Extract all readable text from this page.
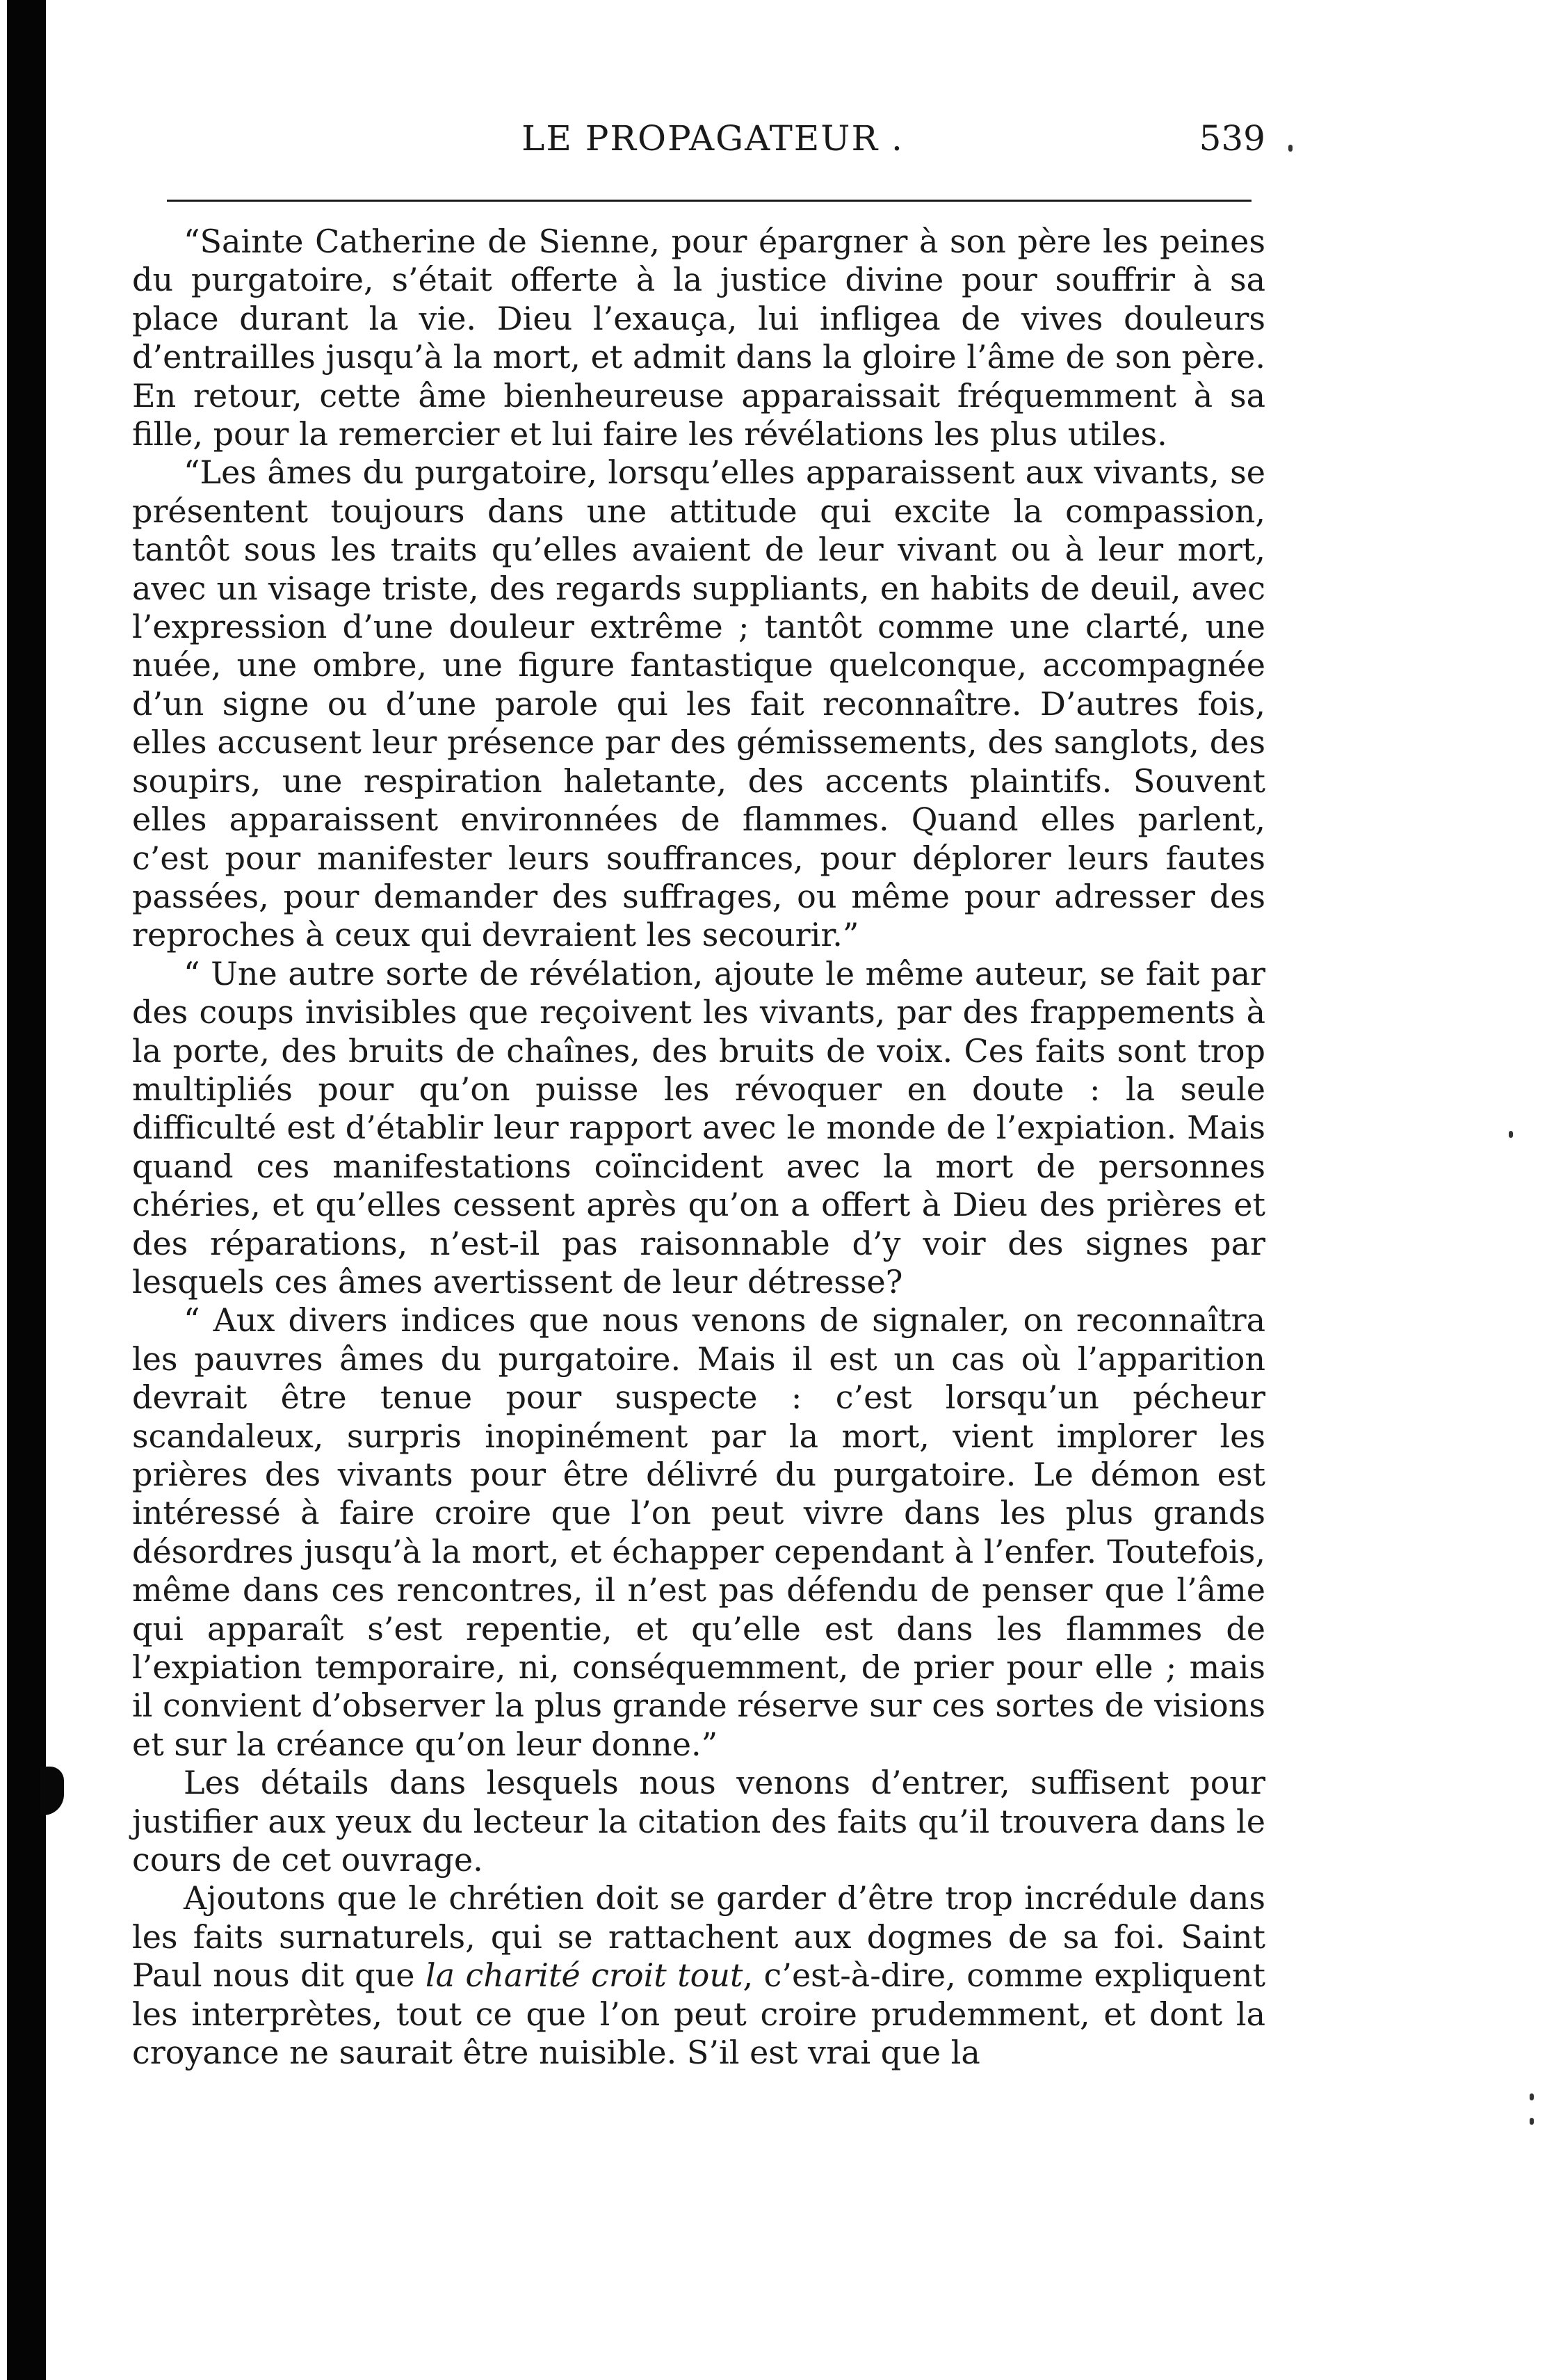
LE PROPAGATEUR .	539

“Sainte Catherine de Sienne, pour épargner à son père les peines du purgatoire, s’était offerte à la justice divine pour souffrir à sa place durant la vie. Dieu l’exauça, lui infligea de vives douleurs d’entrailles jusqu’à la mort, et admit dans la gloire l’âme de son père. En retour, cette âme bienheureuse apparaissait fréquemment à sa fille, pour la remercier et lui faire les révélations les plus utiles.

“Les âmes du purgatoire, lorsqu’elles apparaissent aux vivants, se présentent toujours dans une attitude qui excite la compassion, tantôt sous les traits qu’elles avaient de leur vivant ou à leur mort, avec un visage triste, des regards suppliants, en habits de deuil, avec l’expression d’une douleur extrême ; tantôt comme une clarté, une nuée, une ombre, une figure fantastique quelconque, accompagnée d’un signe ou d’une parole qui les fait reconnaître. D’autres fois, elles accusent leur présence par des gémissements, des sanglots, des soupirs, une respiration haletante, des accents plaintifs. Souvent elles apparaissent environnées de flammes. Quand elles parlent, c’est pour manifester leurs souffrances, pour déplorer leurs fautes passées, pour demander des suffrages, ou même pour adresser des reproches à ceux qui devraient les secourir.”

“ Une autre sorte de révélation, ajoute le même auteur, se fait par des coups invisibles que reçoivent les vivants, par des frappements à la porte, des bruits de chaînes, des bruits de voix. Ces faits sont trop multipliés pour qu’on puisse les révoquer en doute : la seule difficulté est d’établir leur rapport avec le monde de l’expiation. Mais quand ces manifestations coïncident avec la mort de personnes chéries, et qu’elles cessent après qu’on a offert à Dieu des prières et des réparations, n’est-il pas raisonnable d’y voir des signes par lesquels ces âmes avertissent de leur détresse?

“ Aux divers indices que nous venons de signaler, on reconnaîtra les pauvres âmes du purgatoire. Mais il est un cas où l’apparition devrait être tenue pour suspecte : c’est lorsqu’un pécheur scandaleux, surpris inopinément par la mort, vient implorer les prières des vivants pour être délivré du purgatoire. Le démon est intéressé à faire croire que l’on peut vivre dans les plus grands désordres jusqu’à la mort, et échapper cependant à l’enfer. Toutefois, même dans ces rencontres, il n’est pas défendu de penser que l’âme qui apparaît s’est repentie, et qu’elle est dans les flammes de l’expiation temporaire, ni, conséquemment, de prier pour elle ; mais il convient d’observer la plus grande réserve sur ces sortes de visions et sur la créance qu’on leur donne.”

Les détails dans lesquels nous venons d’entrer, suffisent pour justifier aux yeux du lecteur la citation des faits qu’il trouvera dans le cours de cet ouvrage.

Ajoutons que le chrétien doit se garder d’être trop incrédule dans les faits surnaturels, qui se rattachent aux dogmes de sa foi. Saint Paul nous dit que la charité croit tout, c’est-à-dire, comme expliquent les interprètes, tout ce que l’on peut croire prudemment, et dont la croyance ne saurait être nuisible. S’il est vrai que la
